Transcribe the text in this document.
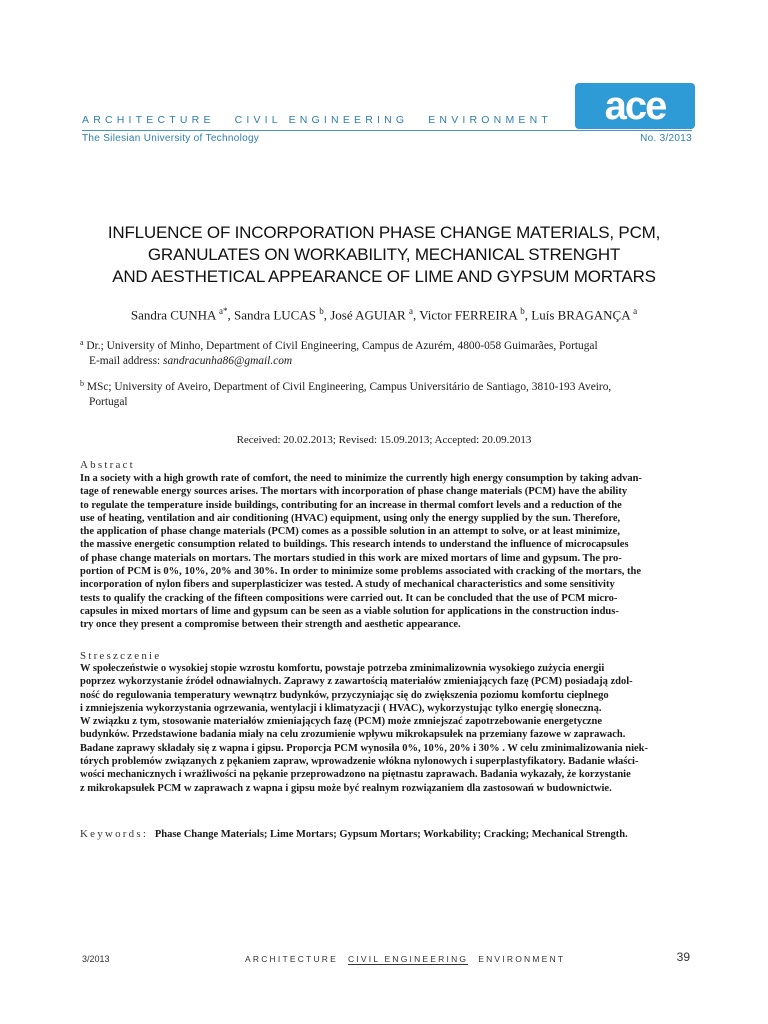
ARCHITECTURE CIVIL ENGINEERING ENVIRONMENT
The Silesian University of Technology	No. 3/2013
ace
INFLUENCE OF INCORPORATION PHASE CHANGE MATERIALS, PCM,
GRANULATES ON WORKABILITY, MECHANICAL STRENGHT
AND AESTHETICAL APPEARANCE OF LIME AND GYPSUM MORTARS
Sandra CUNHA $^{a*}$, Sandra LUCAS $^b$, José AGUIAR $^a$, Victor FERREIRA $^b$, Luís BRAGANÇA $^a$
$^a$ Dr.; University of Minho, Department of Civil Engineering, Campus de Azurém, 4800-058 Guimarães, Portugal
E-mail address: sandracunha86@gmail.com
$^b$ MSc; University of Aveiro, Department of Civil Engineering, Campus Universitário de Santiago, 3810-193 Aveiro,
Portugal
Received: 20.02.2013; Revised: 15.09.2013; Accepted: 20.09.2013
Abstract
In a society with a high growth rate of comfort, the need to minimize the currently high energy consumption by taking advan-
tage of renewable energy sources arises. The mortars with incorporation of phase change materials (PCM) have the ability
to regulate the temperature inside buildings, contributing for an increase in thermal comfort levels and a reduction of the
use of heating, ventilation and air conditioning (HVAC) equipment, using only the energy supplied by the sun. Therefore,
the application of phase change materials (PCM) comes as a possible solution in an attempt to solve, or at least minimize,
the massive energetic consumption related to buildings. This research intends to understand the influence of microcapsules
of phase change materials on mortars. The mortars studied in this work are mixed mortars of lime and gypsum. The pro-
portion of PCM is 0%, 10%, 20% and 30%. In order to minimize some problems associated with cracking of the mortars, the
incorporation of nylon fibers and superplasticizer was tested. A study of mechanical characteristics and some sensitivity
tests to qualify the cracking of the fifteen compositions were carried out. It can be concluded that the use of PCM micro-
capsules in mixed mortars of lime and gypsum can be seen as a viable solution for applications in the construction indus-
try once they present a compromise between their strength and aesthetic appearance.
Streszczenie
W społeczeństwie o wysokiej stopie wzrostu komfortu, powstaje potrzeba zminimalizownia wysokiego zużycia energii
poprzez wykorzystanie źródeł odnawialnych. Zaprawy z zawartością materiałów zmieniających fazę (PCM) posiadają zdol-
ność do regulowania temperatury wewnątrz budynków, przyczyniając się do zwiększenia poziomu komfortu cieplnego
i zmniejszenia wykorzystania ogrzewania, wentylacji i klimatyzacji ( HVAC), wykorzystując tylko energię słoneczną.
W związku z tym, stosowanie materiałów zmieniających fazę (PCM) może zmniejszać zapotrzebowanie energetyczne
budynków. Przedstawione badania miały na celu zrozumienie wpływu mikrokapsułek na przemiany fazowe w zaprawach.
Badane zaprawy składały się z wapna i gipsu. Proporcja PCM wynosiła 0%, 10%, 20% i 30% . W celu zminimalizowania niek-
tórych problemów związanych z pękaniem zapraw, wprowadzenie włókna nylonowych i superplastyfikatory. Badanie właści-
wości mechanicznych i wrażliwości na pękanie przeprowadzono na piętnastu zaprawach. Badania wykazały, że korzystanie
z mikrokapsułek PCM w zaprawach z wapna i gipsu może być realnym rozwiązaniem dla zastosowań w budownictwie.
Keywords: Phase Change Materials; Lime Mortars; Gypsum Mortars; Workability; Cracking; Mechanical Strength.
3/2013	ARCHITECTURE CIVIL ENGINEERING ENVIRONMENT	39
